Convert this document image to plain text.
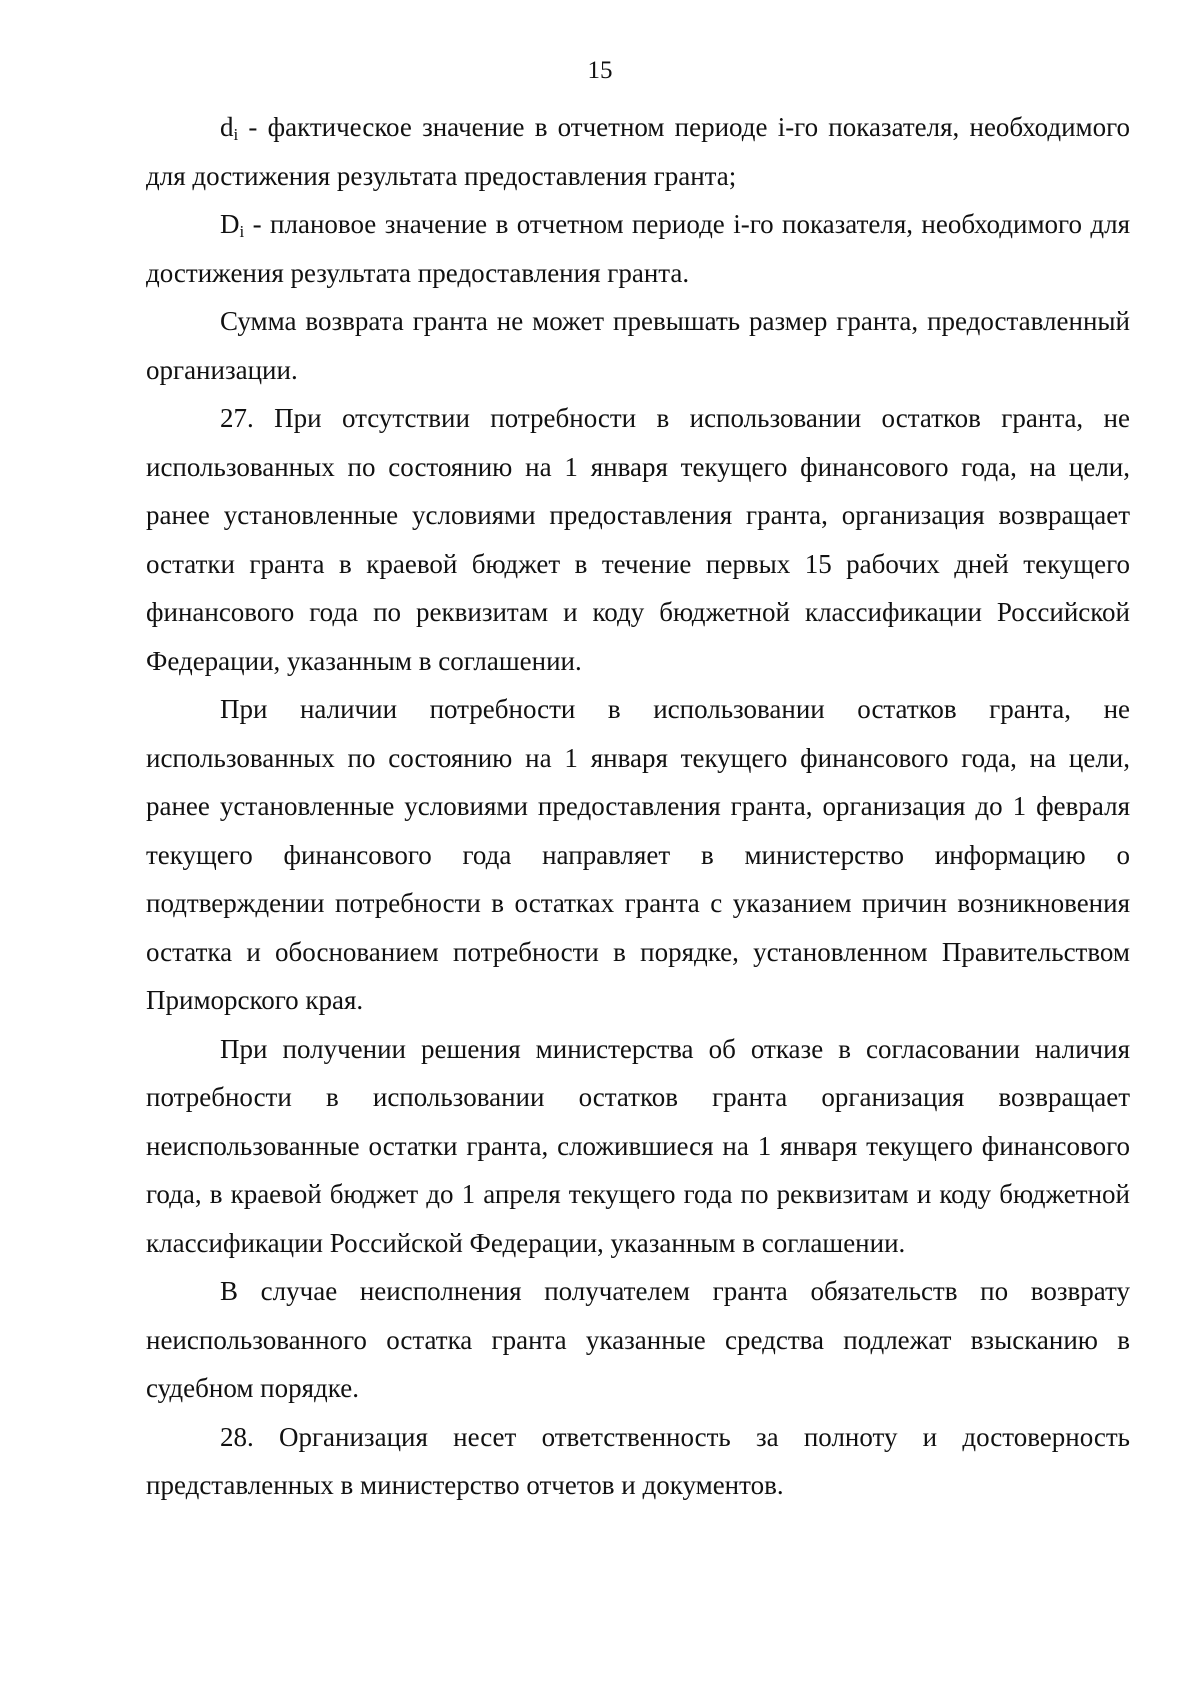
15

$d_i$ - фактическое значение в отчетном периоде i-го показателя, необходимого для достижения результата предоставления гранта;

$D_i$ - плановое значение в отчетном периоде i-го показателя, необходимого для достижения результата предоставления гранта.

Сумма возврата гранта не может превышать размер гранта, предоставленный организации.

27. При отсутствии потребности в использовании остатков гранта, не использованных по состоянию на 1 января текущего финансового года, на цели, ранее установленные условиями предоставления гранта, организация возвращает остатки гранта в краевой бюджет в течение первых 15 рабочих дней текущего финансового года по реквизитам и коду бюджетной классификации Российской Федерации, указанным в соглашении.

При наличии потребности в использовании остатков гранта, не использованных по состоянию на 1 января текущего финансового года, на цели, ранее установленные условиями предоставления гранта, организация до 1 февраля текущего финансового года направляет в министерство информацию о подтверждении потребности в остатках гранта с указанием причин возникновения остатка и обоснованием потребности в порядке, установленном Правительством Приморского края.

При получении решения министерства об отказе в согласовании наличия потребности в использовании остатков гранта организация возвращает неиспользованные остатки гранта, сложившиеся на 1 января текущего финансового года, в краевой бюджет до 1 апреля текущего года по реквизитам и коду бюджетной классификации Российской Федерации, указанным в соглашении.

В случае неисполнения получателем гранта обязательств по возврату неиспользованного остатка гранта указанные средства подлежат взысканию в судебном порядке.

28. Организация несет ответственность за полноту и достоверность представленных в министерство отчетов и документов.
